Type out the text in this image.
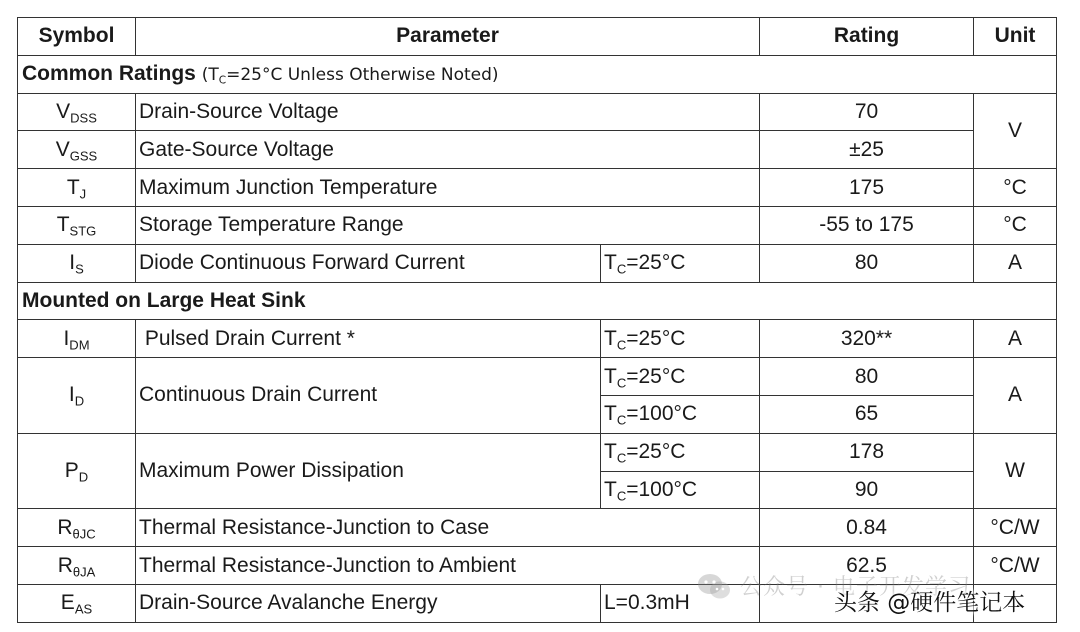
Symbol	Parameter		Rating	Unit
Common Ratings ($T_C=25^\circ C$ Unless Otherwise Noted)				
$V_{DSS}$	Drain-Source Voltage		70	V
$V_{GSS}$	Gate-Source Voltage		±25	
$T_J$	Maximum Junction Temperature		175	°C
$T_{STG}$	Storage Temperature Range		-55 to 175	°C
$I_S$	Diode Continuous Forward Current	$T_C=25^\circ C$	80	A
Mounted on Large Heat Sink				
$I_{DM}$	Pulsed Drain Current *	$T_C=25^\circ C$	320**	A
$I_D$	Continuous Drain Current	$T_C=25^\circ C$	80	A
		$T_C=100^\circ C$	65	
$P_D$	Maximum Power Dissipation	$T_C=25^\circ C$	178	W
		$T_C=100^\circ C$	90	
$R_{\theta JC}$	Thermal Resistance-Junction to Case		0.84	°C/W
$R_{\theta JA}$	Thermal Resistance-Junction to Ambient		62.5	°C/W
$E_{AS}$	Drain-Source Avalanche Energy	L=0.3mH		
公众号 · 电子开发学习
头条 @硬件笔记本
